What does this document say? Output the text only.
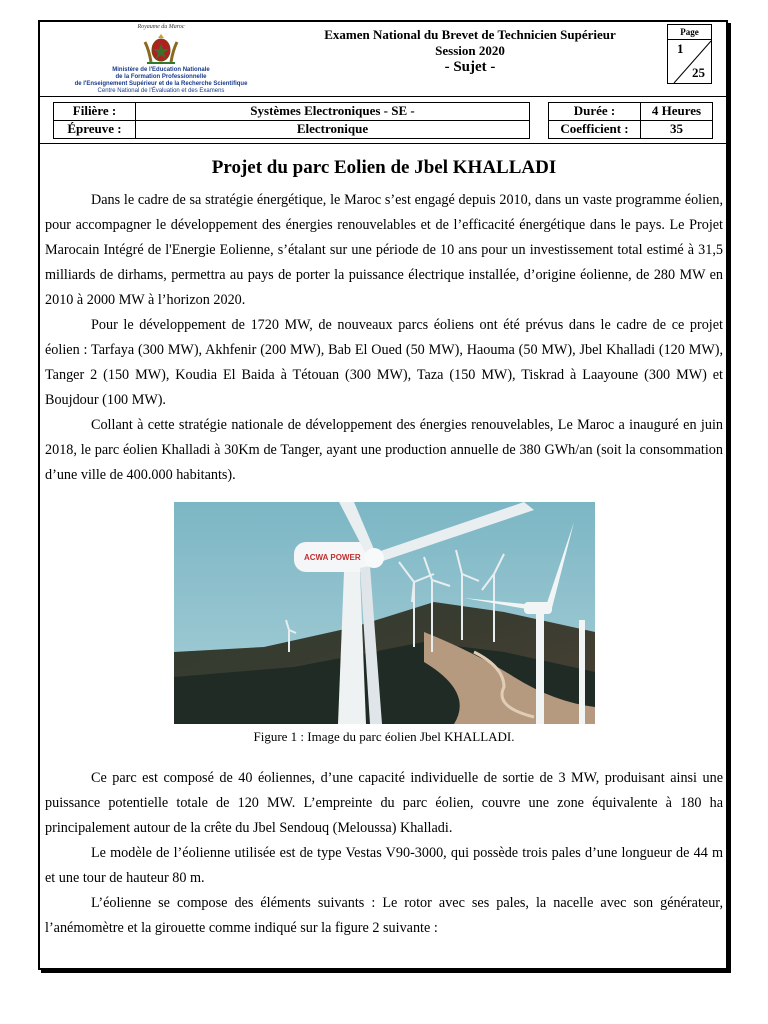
Royaume du Maroc
Ministère de l'Education Nationale
de la Formation Professionnelle
de l'Enseignement Supérieur et de la Recherche Scientifique
Centre National de l'Évaluation et des Examens
Examen National du Brevet de Technicien Supérieur
Session 2020
- Sujet -
Page
1
25
Filière :	Systèmes Electroniques - SE -
Épreuve :	Electronique
Durée :	4 Heures
Coefficient :	35
Projet du parc Eolien de Jbel KHALLADI

Dans le cadre de sa stratégie énergétique, le Maroc s’est engagé depuis 2010, dans un vaste programme éolien, pour accompagner le développement des énergies renouvelables et de l’efficacité énergétique dans le pays. Le Projet Marocain Intégré de l'Energie Eolienne, s’étalant sur une période de 10 ans pour un investissement total estimé à 31,5 milliards de dirhams, permettra au pays de porter la puissance électrique installée, d’origine éolienne, de 280 MW en 2010 à 2000 MW à l’horizon 2020.

Pour le développement de 1720 MW, de nouveaux parcs éoliens ont été prévus dans le cadre de ce projet éolien : Tarfaya (300 MW), Akhfenir (200 MW), Bab El Oued (50 MW), Haouma (50 MW), Jbel Khalladi (120 MW), Tanger 2 (150 MW), Koudia El Baida à Tétouan (300 MW), Taza (150 MW), Tiskrad à Laayoune (300 MW) et Boujdour (100 MW).

Collant à cette stratégie nationale de développement des énergies renouvelables, Le Maroc a inauguré en juin 2018, le parc éolien Khalladi à 30Km de Tanger, ayant une production annuelle de 380 GWh/an (soit la consommation d’une ville de 400.000 habitants).

ACWA POWER
Figure 1 : Image du parc éolien Jbel KHALLADI.

Ce parc est composé de 40 éoliennes, d’une capacité individuelle de sortie de 3 MW, produisant ainsi une puissance potentielle totale de 120 MW. L’empreinte du parc éolien, couvre une zone équivalente à 180 ha principalement autour de la crête du Jbel Sendouq (Meloussa) Khalladi.

Le modèle de l’éolienne utilisée est de type Vestas V90-3000, qui possède trois pales d’une longueur de 44 m et une tour de hauteur 80 m.

L’éolienne se compose des éléments suivants : Le rotor avec ses pales, la nacelle avec son générateur, l’anémomètre et la girouette comme indiqué sur la figure 2 suivante :
